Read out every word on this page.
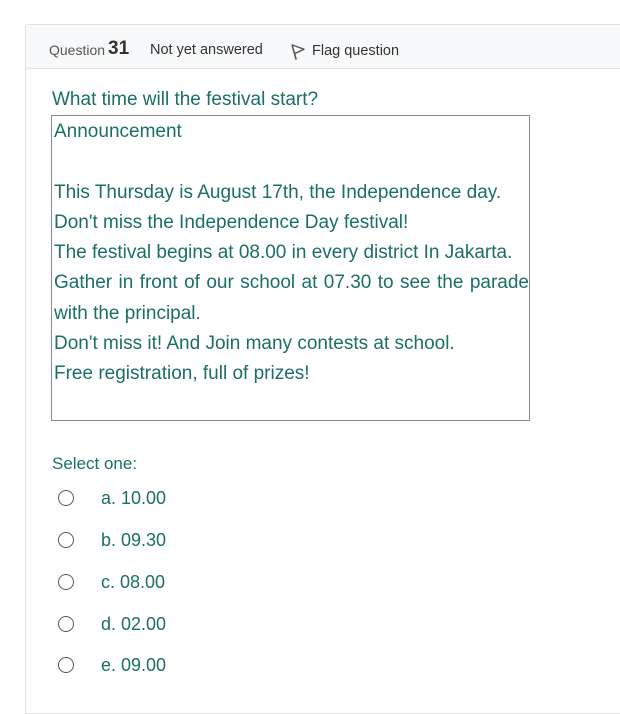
Question 31 Not yet answered	Flag question
What time will the festival start?
Announcement

This Thursday is August 17th, the Independence day.

Don't miss the Independence Day festival!

The festival begins at 08.00 in every district In Jakarta.

Gather in front of our school at 07.30 to see the parade with the principal.

Don't miss it! And Join many contests at school.

Free registration, full of prizes!

Select one:
a. 10.00
b. 09.30
c. 08.00
d. 02.00
e. 09.00
